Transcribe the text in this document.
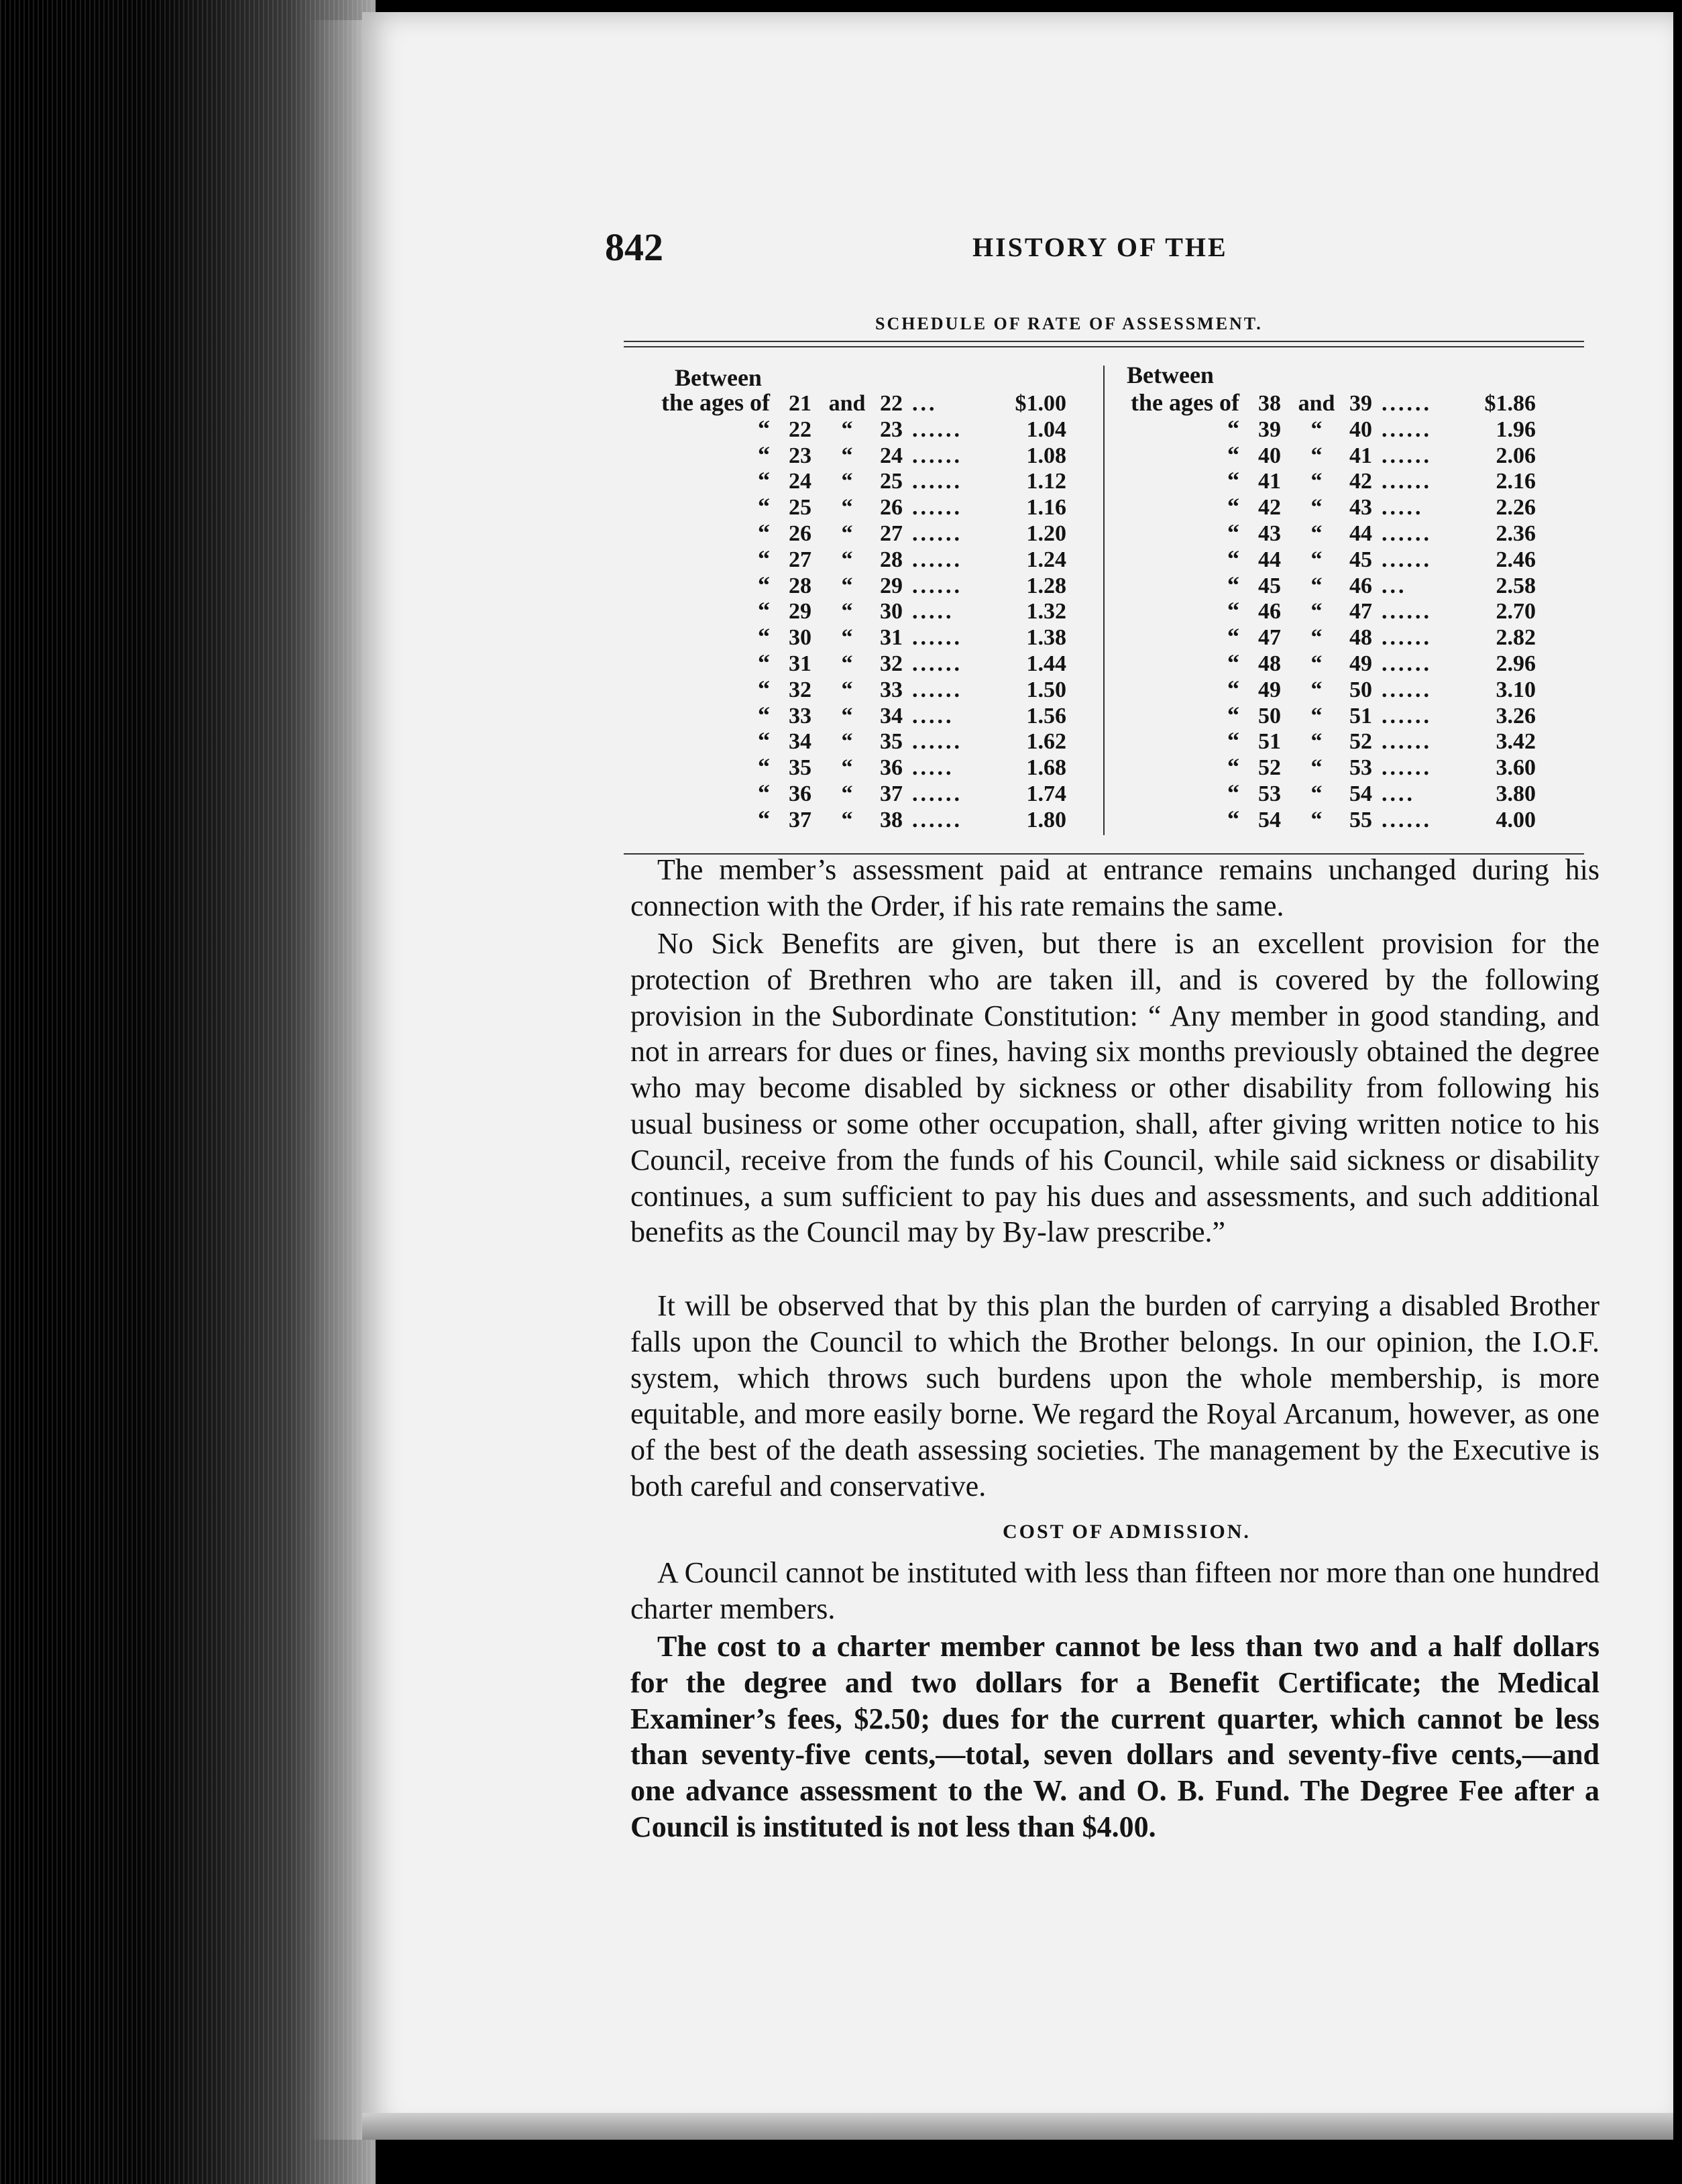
842	HISTORY OF THE
SCHEDULE OF RATE OF ASSESSMENT.
Between
the ages of 21 and 22 ...	$1.00
“ 22	“	23 ......	1.04
“ 23	“	24 ......	1.08
“ 24	“	25 ......	1.12
“ 25	“	26 ......	1.16
“ 26	“	27 ......	1.20
“ 27	“	28 ......	1.24
“ 28	“	29 ......	1.28
“ 29	“	30 .....	1.32
“ 30	“	31 ......	1.38
“ 31	“	32 ......	1.44
“ 32	“	33 ......	1.50
“ 33	“	34 .....	1.56
“ 34	“	35 ......	1.62
“ 35	“	36 .....	1.68
“ 36	“	37 ......	1.74
“ 37	“	38 ......	1.80
Between
the ages of 38 and 39 ......	$1.86
“ 39	“	40 ......	1.96
“ 40	“	41 ......	2.06
“ 41	“	42 ......	2.16
“ 42	“	43 .....	2.26
“ 43	“	44 ......	2.36
“ 44	“	45 ......	2.46
“ 45	“	46 ...	2.58
“ 46	“	47 ......	2.70
“ 47	“	48 ......	2.82
“ 48	“	49 ......	2.96
“ 49	“	50 ......	3.10
“ 50	“	51 ......	3.26
“ 51	“	52 ......	3.42
“ 52	“	53 ......	3.60
“ 53	“	54 ....	3.80
“ 54	“	55 ......	4.00
The member’s assessment paid at entrance remains unchanged during his connection with the Order, if his rate remains the same.
No Sick Benefits are given, but there is an excellent provision for the protection of Brethren who are taken ill, and is covered by the following provision in the Subordinate Constitution: “ Any member in good standing, and not in arrears for dues or fines, having six months previously obtained the degree who may become disabled by sickness or other disability from following his usual business or some other occupation, shall, after giving written notice to his Council, receive from the funds of his Council, while said sickness or disability continues, a sum sufficient to pay his dues and assessments, and such additional benefits as the Council may by By-law prescribe.”
It will be observed that by this plan the burden of carrying a disabled Brother falls upon the Council to which the Brother belongs. In our opinion, the I.O.F. system, which throws such burdens upon the whole membership, is more equitable, and more easily borne. We regard the Royal Arcanum, however, as one of the best of the death assessing societies. The management by the Executive is both careful and conservative.
COST OF ADMISSION.
A Council cannot be instituted with less than fifteen nor more than one hundred charter members.
The cost to a charter member cannot be less than two and a half dollars for the degree and two dollars for a Benefit Certificate; the Medical Examiner’s fees, $2.50; dues for the current quarter, which cannot be less than seventy-five cents,—total, seven dollars and seventy-five cents,—and one advance assessment to the W. and O. B. Fund. The Degree Fee after a Council is instituted is not less than $4.00.
